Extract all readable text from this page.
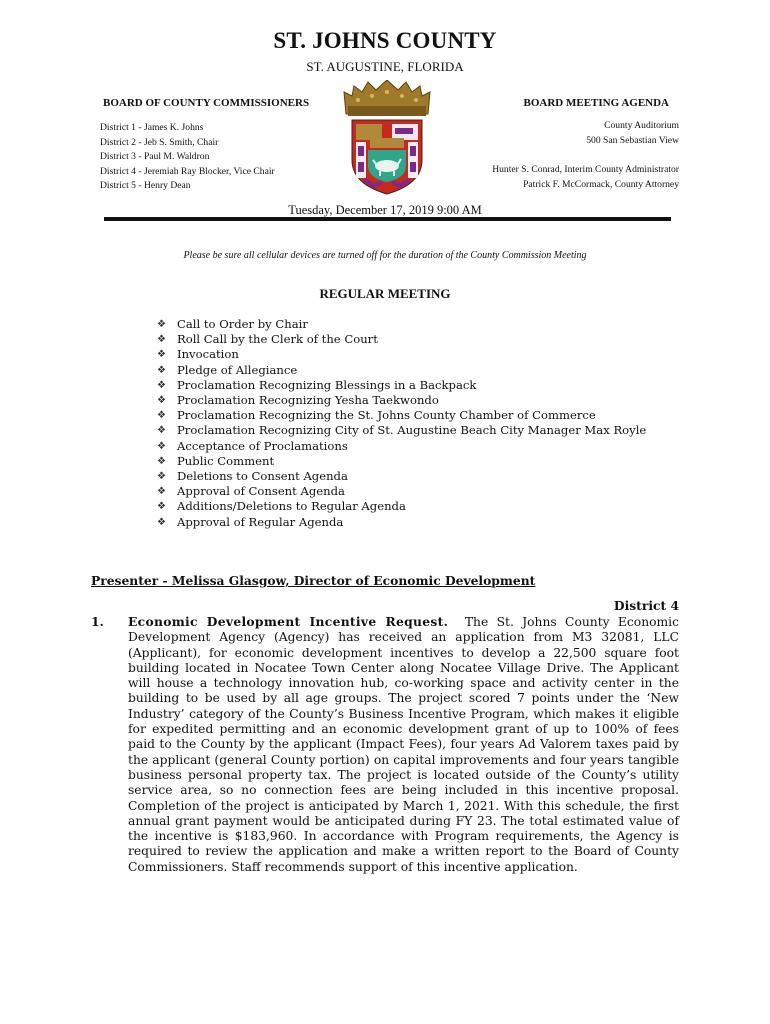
ST. JOHNS COUNTY
ST. AUGUSTINE, FLORIDA
BOARD OF COUNTY COMMISSIONERS	BOARD MEETING AGENDA
District 1 - James K. Johns
District 2 - Jeb S. Smith, Chair
District 3 - Paul M. Waldron
District 4 - Jeremiah Ray Blocker, Vice Chair
District 5 - Henry Dean
County Auditorium
500 San Sebastian View
Hunter S. Conrad, Interim County Administrator
Patrick F. McCormack, County Attorney
Tuesday, December 17, 2019 9:00 AM
Please be sure all cellular devices are turned off for the duration of the County Commission Meeting
REGULAR MEETING
❖ Call to Order by Chair
❖ Roll Call by the Clerk of the Court
❖ Invocation
❖ Pledge of Allegiance
❖ Proclamation Recognizing Blessings in a Backpack
❖ Proclamation Recognizing Yesha Taekwondo
❖ Proclamation Recognizing the St. Johns County Chamber of Commerce
❖ Proclamation Recognizing City of St. Augustine Beach City Manager Max Royle
❖ Acceptance of Proclamations
❖ Public Comment
❖ Deletions to Consent Agenda
❖ Approval of Consent Agenda
❖ Additions/Deletions to Regular Agenda
❖ Approval of Regular Agenda
Presenter - Melissa Glasgow, Director of Economic Development
District 4
1. Economic Development Incentive Request. The St. Johns County Economic Development Agency (Agency) has received an application from M3 32081, LLC (Applicant), for economic development incentives to develop a 22,500 square foot building located in Nocatee Town Center along Nocatee Village Drive. The Applicant will house a technology innovation hub, co-working space and activity center in the building to be used by all age groups. The project scored 7 points under the ‘New Industry’ category of the County’s Business Incentive Program, which makes it eligible for expedited permitting and an economic development grant of up to 100% of fees paid to the County by the applicant (Impact Fees), four years Ad Valorem taxes paid by the applicant (general County portion) on capital improvements and four years tangible business personal property tax. The project is located outside of the County’s utility service area, so no connection fees are being included in this incentive proposal. Completion of the project is anticipated by March 1, 2021. With this schedule, the first annual grant payment would be anticipated during FY 23. The total estimated value of the incentive is $183,960. In accordance with Program requirements, the Agency is required to review the application and make a written report to the Board of County Commissioners. Staff recommends support of this incentive application.
